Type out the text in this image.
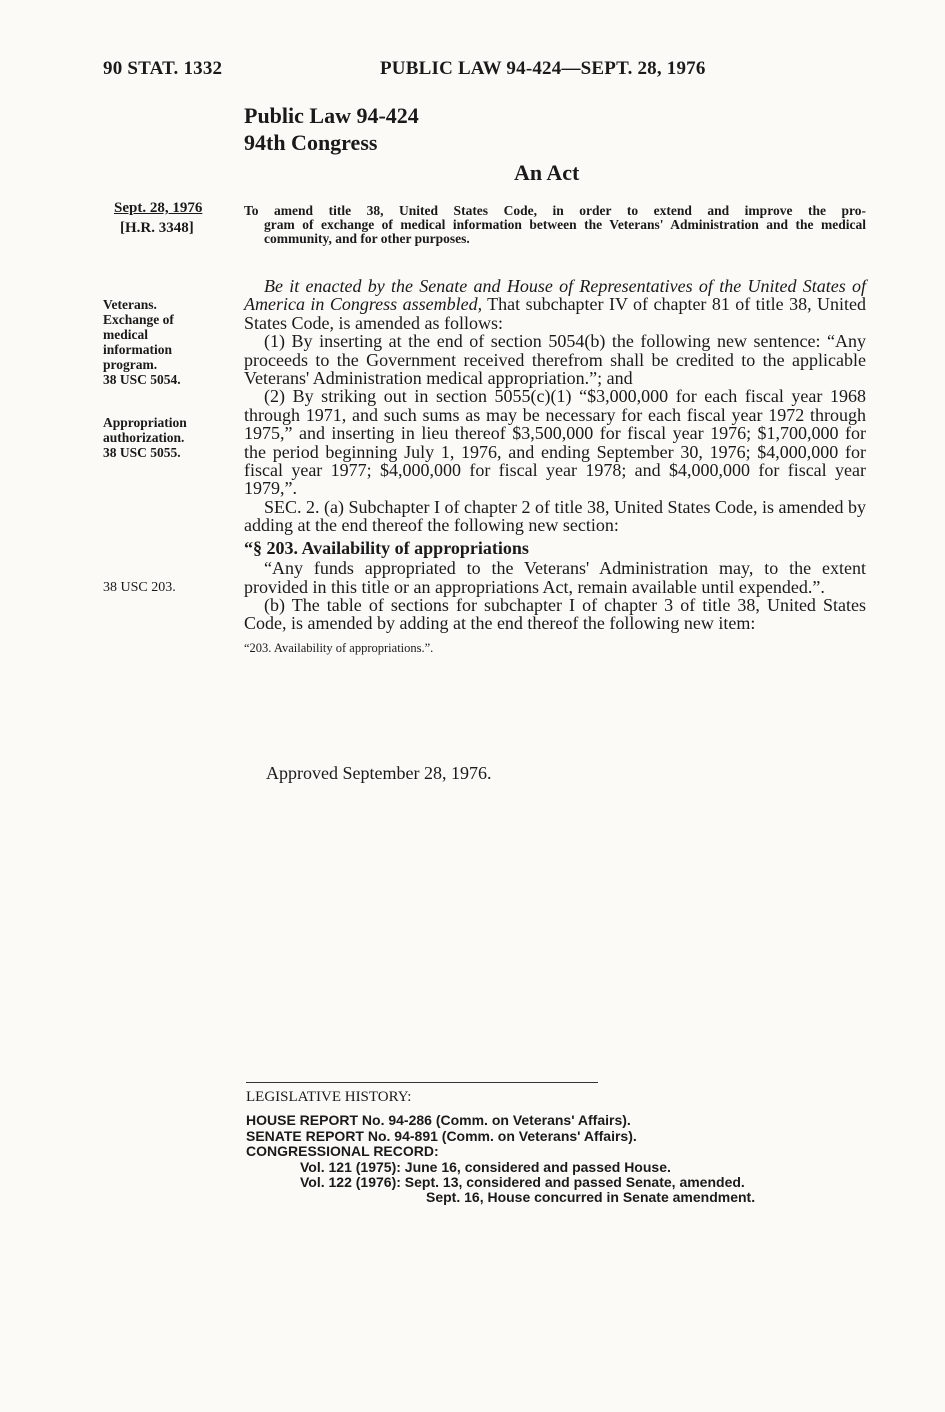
90 STAT. 1332	PUBLIC LAW 94-424—SEPT. 28, 1976
Public Law 94-424
94th Congress
An Act
Sept. 28, 1976
[H.R. 3348]
To amend title 38, United States Code, in order to extend and improve the pro-
gram of exchange of medical information between the Veterans' Administration and the medical community, and for other purposes.
Veterans.
Exchange of
medical
information
program.
38 USC 5054.
Appropriation
authorization.
38 USC 5055.
38 USC 203.

Be it enacted by the Senate and House of Representatives of the United States of America in Congress assembled, That subchapter IV of chapter 81 of title 38, United States Code, is amended as follows:

(1) By inserting at the end of section 5054(b) the following new sentence: “Any proceeds to the Government received therefrom shall be credited to the applicable Veterans' Administration medical appropriation.”; and

(2) By striking out in section 5055(c)(1) “$3,000,000 for each fiscal year 1968 through 1971, and such sums as may be necessary for each fiscal year 1972 through 1975,” and inserting in lieu thereof $3,500,000 for fiscal year 1976; $1,700,000 for the period beginning July 1, 1976, and ending September 30, 1976; $4,000,000 for fiscal year 1977; $4,000,000 for fiscal year 1978; and $4,000,000 for fiscal year 1979,”.

SEC. 2. (a) Subchapter I of chapter 2 of title 38, United States Code, is amended by adding at the end thereof the following new section:

“§ 203. Availability of appropriations

“Any funds appropriated to the Veterans' Administration may, to the extent provided in this title or an appropriations Act, remain available until expended.”.

(b) The table of sections for subchapter I of chapter 3 of title 38, United States Code, is amended by adding at the end thereof the following new item:

“203. Availability of appropriations.”.

Approved September 28, 1976.
LEGISLATIVE HISTORY:
HOUSE REPORT No. 94-286 (Comm. on Veterans' Affairs).
SENATE REPORT No. 94-891 (Comm. on Veterans' Affairs).
CONGRESSIONAL RECORD:
Vol. 121 (1975): June 16, considered and passed House.
Vol. 122 (1976): Sept. 13, considered and passed Senate, amended.
Sept. 16, House concurred in Senate amendment.
